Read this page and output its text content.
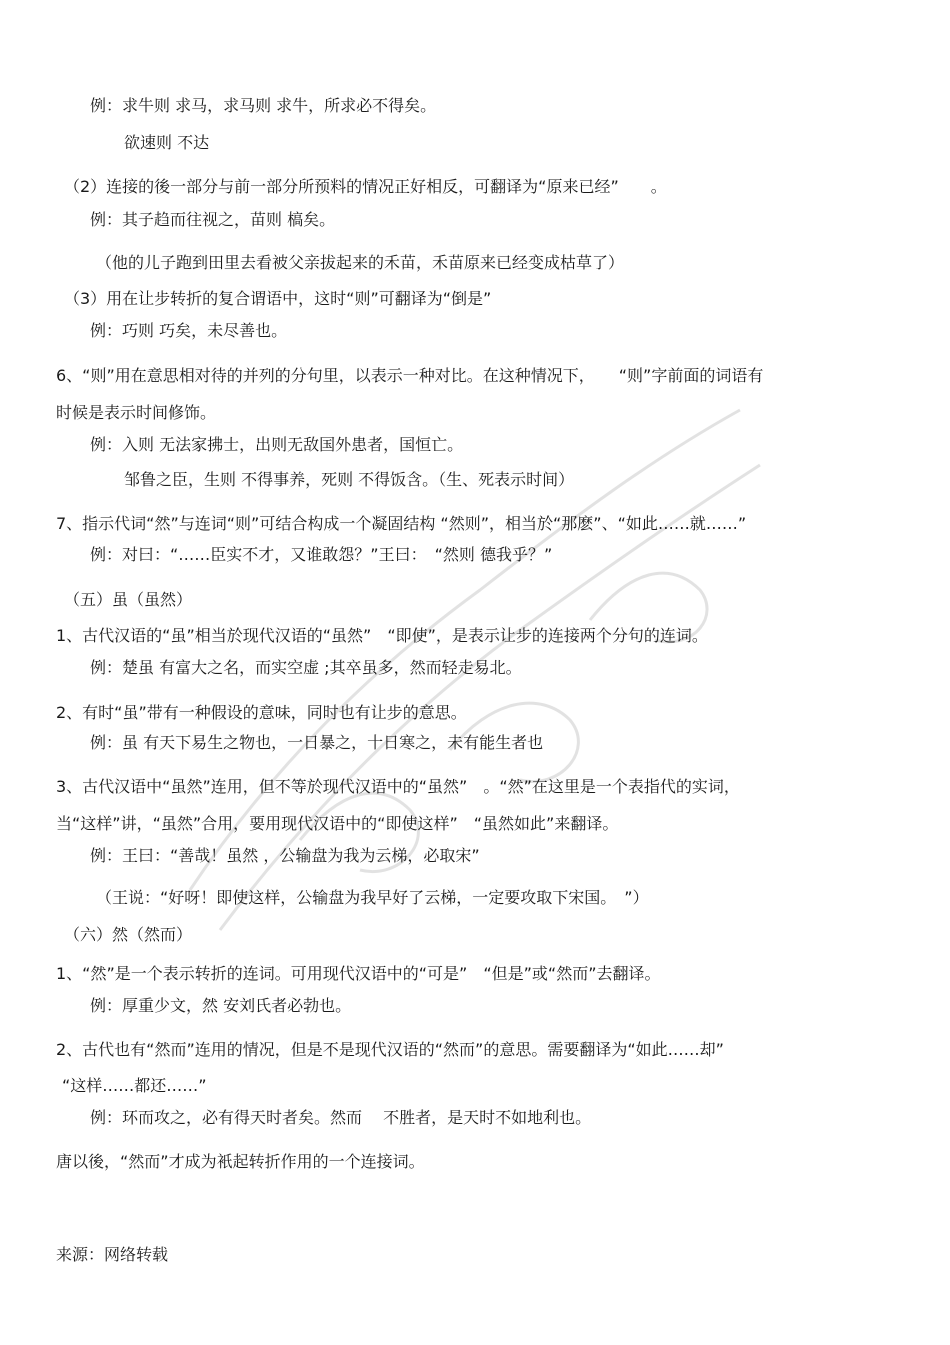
例：求牛则 求马，求马则 求牛，所求必不得矣。
欲速则 不达
（2）连接的後一部分与前一部分所预料的情况正好相反，可翻译为“原来已经”　　。
例：其子趋而往视之，苗则 槁矣。
（他的儿子跑到田里去看被父亲拔起来的禾苗，禾苗原来已经变成枯草了）
（3）用在让步转折的复合谓语中，这时“则”可翻译为“倒是”
例：巧则 巧矣，未尽善也。
6、“则”用在意思相对待的并列的分句里，以表示一种对比。在这种情况下，　　“则”字前面的词语有
时候是表示时间修饰。
例：入则 无法家拂士，出则无敌国外患者，国恒亡。
邹鲁之臣，生则 不得事养，死则 不得饭含。（生、死表示时间）
7、指示代词“然”与连词“则”可结合构成一个凝固结构 “然则”，相当於“那麽”、“如此……就……”
例：对曰：“……臣实不才，又谁敢怨？”王曰：　“然则 德我乎？”
（五）虽（虽然）
1、古代汉语的“虽”相当於现代汉语的“虽然”　“即使”，是表示让步的连接两个分句的连词。
例：楚虽 有富大之名，而实空虚 ;其卒虽多，然而轻走易北。
2、有时“虽”带有一种假设的意味，同时也有让步的意思。
例：虽 有天下易生之物也，一日暴之，十日寒之，未有能生者也
3、古代汉语中“虽然”连用，但不等於现代汉语中的“虽然”　。“然”在这里是一个表指代的实词，
当“这样”讲，“虽然”合用，要用现代汉语中的“即使这样”　“虽然如此”来翻译。
例：王曰：“善哉！虽然 ，公输盘为我为云梯，必取宋”
（王说：“好呀！即使这样，公输盘为我早好了云梯，一定要攻取下宋国。　”）
（六）然（然而）
1、“然”是一个表示转折的连词。可用现代汉语中的“可是”　“但是”或“然而”去翻译。
例：厚重少文，然 安刘氏者必勃也。
2、古代也有“然而”连用的情况，但是不是现代汉语的“然而”的意思。需要翻译为“如此……却”
“这样……都还……”
例：环而攻之，必有得天时者矣。然而 　不胜者，是天时不如地利也。
唐以後，“然而”才成为衹起转折作用的一个连接词。
来源：网络转载
